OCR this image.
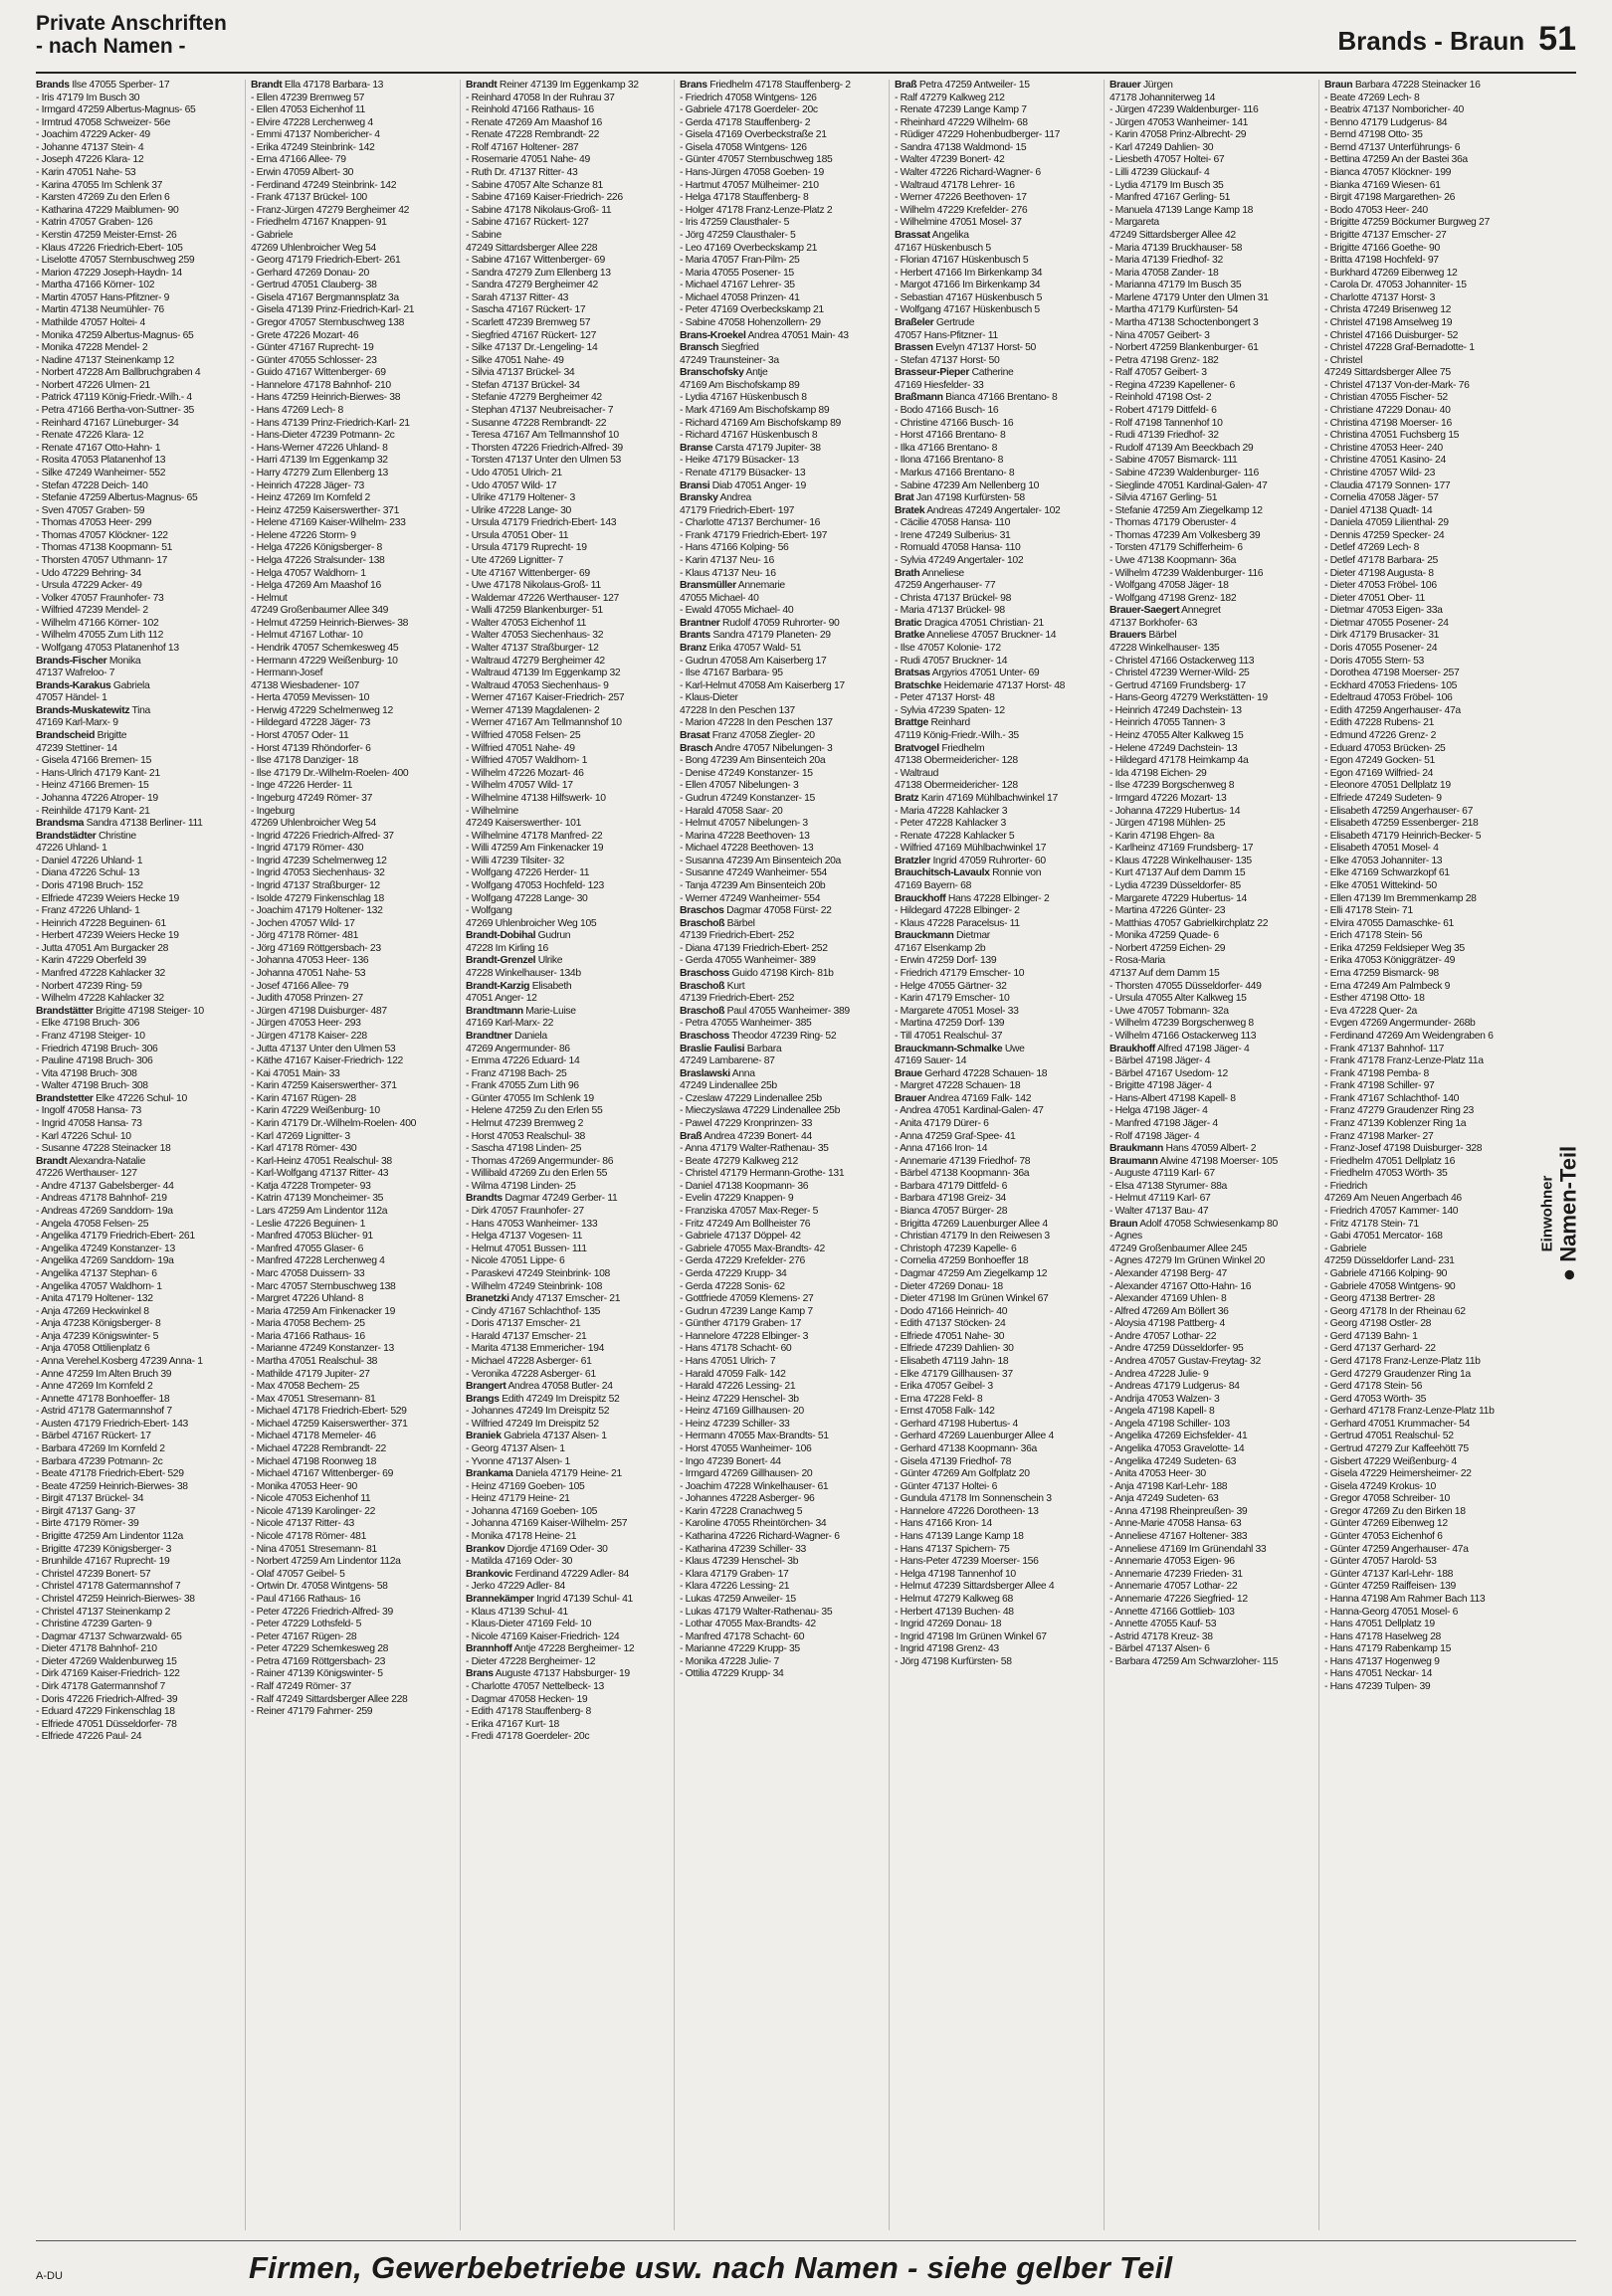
Private Anschriften
- nach Namen -	Brands - Braun 51
Brands Ilse 47055 Sperber- 17
- Iris 47179 Im Busch 30
- Irmgard 47259 Albertus-Magnus- 65
- Irmtrud 47058 Schweizer- 56e
- Joachim 47229 Acker- 49
- Johanne 47137 Stein- 4
- Joseph 47226 Klara- 12
- Karin 47051 Nahe- 53
- Karina 47055 Im Schlenk 37
- Karsten 47269 Zu den Erlen 6
- Katharina 47229 Maiblumen- 90
- Katrin 47057 Graben- 126
- Kerstin 47259 Meister-Ernst- 26
- Klaus 47226 Friedrich-Ebert- 105
- Liselotte 47057 Sternbuschweg 259
- Marion 47229 Joseph-Haydn- 14
- Martha 47166 Körner- 102
- Martin 47057 Hans-Pfitzner- 9
- Martin 47138 Neumühler- 76
- Mathilde 47057 Holtei- 4
- Monika 47259 Albertus-Magnus- 65
- Monika 47228 Mendel- 2
- Nadine 47137 Steinenkamp 12
- Norbert 47228 Am Ballbruchgraben 4
- Norbert 47226 Ulmen- 21
- Patrick 47119 König-Friedr.-Wilh.- 4
- Petra 47166 Bertha-von-Suttner- 35
- Reinhard 47167 Lüneburger- 34
- Renate 47226 Klara- 12
- Renate 47167 Otto-Hahn- 1
- Rosita 47053 Platanenhof 13
- Silke 47249 Wanheimer- 552
- Stefan 47228 Deich- 140
- Stefanie 47259 Albertus-Magnus- 65
- Sven 47057 Graben- 59
- Thomas 47053 Heer- 299
- Thomas 47057 Klöckner- 122
- Thomas 47138 Koopmann- 51
- Thorsten 47057 Uthmann- 17
- Udo 47229 Behring- 34
- Ursula 47229 Acker- 49
- Volker 47057 Fraunhofer- 73
- Wilfried 47239 Mendel- 2
- Wilhelm 47166 Körner- 102
- Wilhelm 47055 Zum Lith 112
- Wolfgang 47053 Platanenhof 13
Brands-Fischer Monika
47137 Wafreloo- 7
Brands-Karakus Gabriela
47057 Händel- 1
Brands-Muskatewitz Tina
47169 Karl-Marx- 9
Brandscheid Brigitte
47239 Stettiner- 14
- Gisela 47166 Bremen- 15
- Hans-Ulrich 47179 Kant- 21
- Heinz 47166 Bremen- 15
- Johanna 47226 Atroper- 19
- Reinhilde 47179 Kant- 21
Brandsma Sandra 47138 Berliner- 111
Brandstädter Christine
47226 Uhland- 1
- Daniel 47226 Uhland- 1
- Diana 47226 Schul- 13
- Doris 47198 Bruch- 152
- Elfriede 47239 Weiers Hecke 19
- Franz 47226 Uhland- 1
- Heinrich 47228 Beguinen- 61
- Herbert 47239 Weiers Hecke 19
- Jutta 47051 Am Burgacker 28
- Karin 47229 Oberfeld 39
- Manfred 47228 Kahlacker 32
- Norbert 47239 Ring- 59
- Wilhelm 47228 Kahlacker 32
Brandstätter Brigitte 47198 Steiger- 10
- Elke 47198 Bruch- 306
- Franz 47198 Steiger- 10
- Friedrich 47198 Bruch- 306
- Pauline 47198 Bruch- 306
- Vita 47198 Bruch- 308
- Walter 47198 Bruch- 308
Brandstetter Elke 47226 Schul- 10
- Ingolf 47058 Hansa- 73
- Ingrid 47058 Hansa- 73
- Karl 47226 Schul- 10
- Susanne 47228 Steinacker 18
Brandt Alexandra-Natalie
47226 Werthauser- 127
- Andre 47137 Gabelsberger- 44
- Andreas 47178 Bahnhof- 219
- Andreas 47269 Sanddorn- 19a
- Angela 47058 Felsen- 25
- Angelika 47179 Friedrich-Ebert- 261
- Angelika 47249 Konstanzer- 13
- Angelika 47269 Sanddorn- 19a
- Angelika 47137 Stephan- 6
- Angelika 47057 Waldhorn- 1
- Anita 47179 Holtener- 132
- Anja 47269 Heckwinkel 8
- Anja 47238 Königsberger- 8
- Anja 47239 Königswinter- 5
- Anja 47058 Ottilienplatz 6
- Anna Verehel.Kosberg 47239 Anna- 1
- Anne 47259 Im Alten Bruch 39
- Anne 47269 Im Kornfeld 2
- Annette 47178 Bonhoeffer- 18
- Astrid 47178 Gatermannshof 7
- Austen 47179 Friedrich-Ebert- 143
- Bärbel 47167 Rückert- 17
- Barbara 47269 Im Kornfeld 2
- Barbara 47239 Potmann- 2c
- Beate 47178 Friedrich-Ebert- 529
- Beate 47259 Heinrich-Bierwes- 38
- Birgit 47137 Brückel- 34
- Birgit 47137 Gang- 37
- Birte 47179 Römer- 39
- Brigitte 47259 Am Lindentor 112a
- Brigitte 47239 Königsberger- 3
- Brunhilde 47167 Ruprecht- 19
- Christel 47239 Bonert- 57
- Christel 47178 Gatermannshof 7
- Christel 47259 Heinrich-Bierwes- 38
- Christel 47137 Steinenkamp 2
- Christine 47239 Garten- 9
- Dagmar 47137 Schwarzwald- 65
- Dieter 47178 Bahnhof- 210
- Dieter 47269 Waldenburweg 15
- Dirk 47169 Kaiser-Friedrich- 122
- Dirk 47178 Gatermannshof 7
- Doris 47226 Friedrich-Alfred- 39
- Eduard 47229 Finkenschlag 18
- Elfriede 47051 Düsseldorfer- 78
- Elfriede 47226 Paul- 24
Brandt Ella 47178 Barbara- 13
- Ellen 47239 Bremweg 57
- Ellen 47053 Eichenhof 11
- Elvire 47228 Lerchenweg 4
- Emmi 47137 Nombericher- 4
- Erika 47249 Steinbrink- 142
- Erna 47166 Allee- 79
- Erwin 47059 Albert- 30
- Ferdinand 47249 Steinbrink- 142
- Frank 47137 Brückel- 100
- Franz-Jürgen 47279 Bergheimer 42
- Friedhelm 47167 Knappen- 91
- Gabriele
47269 Uhlenbroicher Weg 54
- Georg 47179 Friedrich-Ebert- 261
- Gerhard 47269 Donau- 20
- Gertrud 47051 Clauberg- 38
- Gisela 47167 Bergmannsplatz 3a
- Gisela 47139 Prinz-Friedrich-Karl- 21
- Gregor 47057 Sternbuschweg 138
- Grete 47226 Mozart- 46
- Günter 47167 Ruprecht- 19
- Günter 47055 Schlosser- 23
- Guido 47167 Wittenberger- 69
- Hannelore 47178 Bahnhof- 210
- Hans 47259 Heinrich-Bierwes- 38
- Hans 47269 Lech- 8
- Hans 47139 Prinz-Friedrich-Karl- 21
- Hans-Dieter 47239 Potmann- 2c
- Hans-Werner 47226 Uhland- 8
- Harri 47139 Im Eggenkamp 32
- Harry 47279 Zum Ellenberg 13
- Heinrich 47228 Jäger- 73
- Heinz 47269 Im Kornfeld 2
- Heinz 47259 Kaiserswerther- 371
- Helene 47169 Kaiser-Wilhelm- 233
- Helene 47226 Storm- 9
- Helga 47226 Königsberger- 8
- Helga 47226 Stralsunder- 138
- Helga 47057 Waldhorn- 1
- Helga 47269 Am Maashof 16
- Helmut
47249 Großenbaumer Allee 349
- Helmut 47259 Heinrich-Bierwes- 38
- Helmut 47167 Lothar- 10
- Hendrik 47057 Schemkesweg 45
- Hermann 47229 Weißenburg- 10
- Hermann-Josef
47138 Wiesbadener- 107
- Herta 47059 Mevissen- 10
- Herwig 47229 Schelmenweg 12
- Hildegard 47228 Jäger- 73
- Horst 47057 Oder- 11
- Horst 47139 Rhöndorfer- 6
- Ilse 47178 Danziger- 18
- Ilse 47179 Dr.-Wilhelm-Roelen- 400
- Inge 47226 Herder- 11
- Ingeburg 47249 Römer- 37
- Ingeburg
47269 Uhlenbroicher Weg 54
- Ingrid 47226 Friedrich-Alfred- 37
- Ingrid 47179 Römer- 430
- Ingrid 47239 Schelmenweg 12
- Ingrid 47053 Siechenhaus- 32
- Ingrid 47137 Straßburger- 12
- Isolde 47279 Finkenschlag 18
- Joachim 47179 Holtener- 132
- Jochen 47057 Wild- 17
- Jörg 47178 Römer- 481
- Jörg 47169 Röttgersbach- 23
- Johanna 47053 Heer- 136
- Johanna 47051 Nahe- 53
- Josef 47166 Allee- 79
- Judith 47058 Prinzen- 27
- Jürgen 47198 Duisburger- 487
- Jürgen 47053 Heer- 293
- Jürgen 47178 Kaiser- 228
- Jutta 47137 Unter den Ulmen 53
- Käthe 47167 Kaiser-Friedrich- 122
- Kai 47051 Main- 33
- Karin 47259 Kaiserswerther- 371
- Karin 47167 Rügen- 28
- Karin 47229 Weißenburg- 10
- Karin 47179 Dr.-Wilhelm-Roelen- 400
- Karl 47269 Lignitter- 3
- Karl 47178 Römer- 430
- Karl-Heinz 47051 Realschul- 38
- Karl-Wolfgang 47137 Ritter- 43
- Katja 47228 Trompeter- 93
- Katrin 47139 Moncheimer- 35
- Lars 47259 Am Lindentor 112a
- Leslie 47226 Beguinen- 1
- Manfred 47053 Blücher- 91
- Manfred 47055 Glaser- 6
- Manfred 47228 Lerchenweg 4
- Marc 47058 Duissern- 33
- Marc 47057 Sternbuschweg 138
- Margret 47226 Uhland- 8
- Maria 47259 Am Finkenacker 19
- Maria 47058 Bechem- 25
- Maria 47166 Rathaus- 16
- Marianne 47249 Konstanzer- 13
- Martha 47051 Realschul- 38
- Mathilde 47179 Jupiter- 27
- Max 47058 Bechem- 25
- Max 47051 Stresemann- 81
- Michael 47178 Friedrich-Ebert- 529
- Michael 47259 Kaiserswerther- 371
- Michael 47178 Memeler- 46
- Michael 47228 Rembrandt- 22
- Michael 47198 Roonweg 18
- Michael 47167 Wittenberger- 69
- Monika 47053 Heer- 90
- Nicole 47053 Eichenhof 11
- Nicole 47139 Karolinger- 22
- Nicole 47137 Ritter- 43
- Nicole 47178 Römer- 481
- Nina 47051 Stresemann- 81
- Norbert 47259 Am Lindentor 112a
- Olaf 47057 Geibel- 5
- Ortwin Dr. 47058 Wintgens- 58
- Paul 47166 Rathaus- 16
- Peter 47226 Friedrich-Alfred- 39
- Peter 47229 Lothsfeld- 5
- Peter 47167 Rügen- 28
- Peter 47229 Schemkesweg 28
- Petra 47169 Röttgersbach- 23
- Rainer 47139 Königswinter- 5
- Ralf 47249 Römer- 37
- Ralf 47249 Sittardsberger Allee 228
- Reiner 47179 Fahrner- 259
Brandt Reiner 47139 Im Eggenkamp 32
- Reinhard 47058 In der Ruhrau 37
- Reinhold 47166 Rathaus- 16
- Renate 47269 Am Maashof 16
- Renate 47228 Rembrandt- 22
- Rolf 47167 Holtener- 287
- Rosemarie 47051 Nahe- 49
- Ruth Dr. 47137 Ritter- 43
- Sabine 47057 Alte Schanze 81
- Sabine 47169 Kaiser-Friedrich- 226
- Sabine 47178 Nikolaus-Groß- 11
- Sabine 47167 Rückert- 127
- Sabine
47249 Sittardsberger Allee 228
- Sabine 47167 Wittenberger- 69
- Sandra 47279 Zum Ellenberg 13
- Sandra 47279 Bergheimer 42
- Sarah 47137 Ritter- 43
- Sascha 47167 Rückert- 17
- Scarlett 47239 Bremweg 57
- Siegfried 47167 Rückert- 127
- Silke 47137 Dr.-Lengeling- 14
- Silke 47051 Nahe- 49
- Silvia 47137 Brückel- 34
- Stefan 47137 Brückel- 34
- Stefanie 47279 Bergheimer 42
- Stephan 47137 Neubreisacher- 7
- Susanne 47228 Rembrandt- 22
- Teresa 47167 Am Tellmannshof 10
- Thorsten 47226 Friedrich-Alfred- 39
- Torsten 47137 Unter den Ulmen 53
- Udo 47051 Ulrich- 21
- Udo 47057 Wild- 17
- Ulrike 47179 Holtener- 3
- Ulrike 47228 Lange- 30
- Ursula 47179 Friedrich-Ebert- 143
- Ursula 47051 Ober- 11
- Ursula 47179 Ruprecht- 19
- Ute 47269 Lignitter- 7
- Ute 47167 Wittenberger- 69
- Uwe 47178 Nikolaus-Groß- 11
- Waldemar 47226 Werthauser- 127
- Walli 47259 Blankenburger- 51
- Walter 47053 Eichenhof 11
- Walter 47053 Siechenhaus- 32
- Walter 47137 Straßburger- 12
- Waltraud 47279 Bergheimer 42
- Waltraud 47139 Im Eggenkamp 32
- Waltraud 47053 Siechenhaus- 9
- Werner 47167 Kaiser-Friedrich- 257
- Werner 47139 Magdalenen- 2
- Werner 47167 Am Tellmannshof 10
- Wilfried 47058 Felsen- 25
- Wilfried 47051 Nahe- 49
- Wilfried 47057 Waldhorn- 1
- Wilhelm 47226 Mozart- 46
- Wilhelm 47057 Wild- 17
- Wilhelmine 47138 Hilfswerk- 10
- Wilhelmine
47249 Kaiserswerther- 101
- Wilhelmine 47178 Manfred- 22
- Willi 47259 Am Finkenacker 19
- Willi 47239 Tilsiter- 32
- Wolfgang 47226 Herder- 11
- Wolfgang 47053 Hochfeld- 123
- Wolfgang 47228 Lange- 30
- Wolfgang
47269 Uhlenbroicher Weg 105
Brandt-Dobihal Gudrun
47228 Im Kirling 16
Brandt-Grenzel Ulrike
47228 Winkelhauser- 134b
Brandt-Karzig Elisabeth
47051 Anger- 12
Brandtmann Marie-Luise
47169 Karl-Marx- 22
Brandtner Daniela
47269 Angermunder- 86
- Emma 47226 Eduard- 14
- Franz 47198 Bach- 25
- Frank 47055 Zum Lith 96
- Günter 47055 Im Schlenk 19
- Helene 47259 Zu den Erlen 55
- Helmut 47239 Bremweg 2
- Horst 47053 Realschul- 38
- Sascha 47198 Linden- 25
- Thomas 47269 Angermunder- 86
- Willibald 47269 Zu den Erlen 55
- Wilma 47198 Linden- 25
Brandts Dagmar 47249 Gerber- 11
- Dirk 47057 Fraunhofer- 27
- Hans 47053 Wanheimer- 133
- Helga 47137 Vogesen- 11
- Helmut 47051 Bussen- 111
- Nicole 47051 Lippe- 6
- Paraskevi 47249 Steinbrink- 108
- Wilhelm 47249 Steinbrink- 108
Branetzki Andy 47137 Emscher- 21
- Cindy 47167 Schlachthof- 135
- Doris 47137 Emscher- 21
- Harald 47137 Emscher- 21
- Marita 47138 Emmericher- 194
- Michael 47228 Asberger- 61
- Veronika 47228 Asberger- 61
Brangert Andrea 47058 Butler- 24
Brangs Edith 47249 Im Dreispitz 52
- Johannes 47249 Im Dreispitz 52
- Wilfried 47249 Im Dreispitz 52
Braniek Gabriela 47137 Alsen- 1
- Georg 47137 Alsen- 1
- Yvonne 47137 Alsen- 1
Brankama Daniela 47179 Heine- 21
- Heinz 47169 Goeben- 105
- Heinz 47179 Heine- 21
- Johanna 47169 Goeben- 105
- Johanna 47169 Kaiser-Wilhelm- 257
- Monika 47178 Heine- 21
Brankov Djordje 47169 Oder- 30
- Matilda 47169 Oder- 30
Brankovic Ferdinand 47229 Adler- 84
- Jerko 47229 Adler- 84
Brannekämper Ingrid 47139 Schul- 41
- Klaus 47139 Schul- 41
- Klaus-Dieter 47169 Feld- 10
- Nicole 47169 Kaiser-Friedrich- 124
Brannhoff Antje 47228 Bergheimer- 12
- Dieter 47228 Bergheimer- 12
Brans Auguste 47137 Habsburger- 19
- Charlotte 47057 Nettelbeck- 13
- Dagmar 47058 Hecken- 19
- Edith 47178 Stauffenberg- 8
- Erika 47167 Kurt- 18
- Fredi 47178 Goerdeler- 20c
Brans Friedhelm 47178 Stauffenberg- 2
- Friedrich 47058 Wintgens- 126
- Gabriele 47178 Goerdeler- 20c
- Gerda 47178 Stauffenberg- 2
- Gisela 47169 Overbeckstraße 21
- Gisela 47058 Wintgens- 126
- Günter 47057 Sternbuschweg 185
- Hans-Jürgen 47058 Goeben- 19
- Hartmut 47057 Mülheimer- 210
- Helga 47178 Stauffenberg- 8
- Holger 47178 Franz-Lenze-Platz 2
- Iris 47259 Clausthaler- 5
- Jörg 47259 Clausthaler- 5
- Leo 47169 Overbeckskamp 21
- Maria 47057 Fran-Pilm- 25
- Maria 47055 Posener- 15
- Michael 47167 Lehrer- 35
- Michael 47058 Prinzen- 41
- Peter 47169 Overbeckskamp 21
- Sabine 47058 Hohenzollern- 29
Brans-Kroekel Andrea 47051 Main- 43
Bransch Siegfried
47249 Traunsteiner- 3a
Branschofsky Antje
47169 Am Bischofskamp 89
- Lydia 47167 Hüskenbusch 8
- Mark 47169 Am Bischofskamp 89
- Richard 47169 Am Bischofskamp 89
- Richard 47167 Hüskenbusch 8
Branse Carsta 47179 Jupiter- 38
- Heike 47179 Büsacker- 13
- Renate 47179 Büsacker- 13
Bransi Diab 47051 Anger- 19
Bransky Andrea
47179 Friedrich-Ebert- 197
- Charlotte 47137 Berchumer- 16
- Frank 47179 Friedrich-Ebert- 197
- Hans 47166 Kolping- 56
- Karin 47137 Neu- 16
- Klaus 47137 Neu- 16
Bransmüller Annemarie
47055 Michael- 40
- Ewald 47055 Michael- 40
Brantner Rudolf 47059 Ruhrorter- 90
Brants Sandra 47179 Planeten- 29
Branz Erika 47057 Wald- 51
- Gudrun 47058 Am Kaiserberg 17
- Ilse 47167 Barbara- 95
- Karl-Helmut 47058 Am Kaiserberg 17
- Klaus-Dieter
47228 In den Peschen 137
- Marion 47228 In den Peschen 137
Brasat Franz 47058 Ziegler- 20
Brasch Andre 47057 Nibelungen- 3
- Bong 47239 Am Binsenteich 20a
- Denise 47249 Konstanzer- 15
- Ellen 47057 Nibelungen- 3
- Gudrun 47249 Konstanzer- 15
- Harald 47058 Saar- 20
- Helmut 47057 Nibelungen- 3
- Marina 47228 Beethoven- 13
- Michael 47228 Beethoven- 13
- Susanna 47239 Am Binsenteich 20a
- Susanne 47249 Wanheimer- 554
- Tanja 47239 Am Binsenteich 20b
- Werner 47249 Wanheimer- 554
Braschos Dagmar 47058 Fürst- 22
Braschoß Bärbel
47139 Friedrich-Ebert- 252
- Diana 47139 Friedrich-Ebert- 252
- Gerda 47055 Wanheimer- 389
Braschoss Guido 47198 Kirch- 81b
Braschoß Kurt
47139 Friedrich-Ebert- 252
Braschoß Paul 47055 Wanheimer- 389
- Petra 47055 Wanheimer- 385
Braschoss Theodor 47239 Ring- 52
Braslie Faulisi Barbara
47249 Lambarene- 87
Braslawski Anna
47249 Lindenallee 25b
- Czeslaw 47229 Lindenallee 25b
- Mieczyslawa 47229 Lindenallee 25b
- Pawel 47229 Kronprinzen- 33
Braß Andrea 47239 Bonert- 44
- Anna 47179 Walter-Rathenau- 35
- Beate 47279 Kalkweg 212
- Christel 47179 Hermann-Grothe- 131
- Daniel 47138 Koopmann- 36
- Evelin 47229 Knappen- 9
- Franziska 47057 Max-Reger- 5
- Fritz 47249 Am Bollheister 76
- Gabriele 47137 Döppel- 42
- Gabriele 47055 Max-Brandts- 42
- Gerda 47229 Krefelder- 276
- Gerda 47229 Krupp- 34
- Gerda 47228 Sonis- 62
- Gottfriede 47059 Klemens- 27
- Gudrun 47239 Lange Kamp 7
- Günther 47179 Graben- 17
- Hannelore 47228 Elbinger- 3
- Hans 47178 Schacht- 60
- Hans 47051 Ulrich- 7
- Harald 47059 Falk- 142
- Harald 47226 Lessing- 21
- Heinz 47229 Henschel- 3b
- Heinz 47169 Gillhausen- 20
- Heinz 47239 Schiller- 33
- Hermann 47055 Max-Brandts- 51
- Horst 47055 Wanheimer- 106
- Ingo 47239 Bonert- 44
- Irmgard 47269 Gillhausen- 20
- Joachim 47228 Winkelhauser- 61
- Johannes 47228 Asberger- 96
- Karin 47228 Cranachweg 5
- Karoline 47055 Rheintörchen- 34
- Katharina 47226 Richard-Wagner- 6
- Katharina 47239 Schiller- 33
- Klaus 47239 Henschel- 3b
- Klara 47179 Graben- 17
- Klara 47226 Lessing- 21
- Lukas 47259 Anweiler- 15
- Lukas 47179 Walter-Rathenau- 35
- Lothar 47055 Max-Brandts- 42
- Manfred 47178 Schacht- 60
- Marianne 47229 Krupp- 35
- Monika 47228 Julie- 7
- Ottilia 47229 Krupp- 34
Braß Petra 47259 Antweiler- 15
- Ralf 47279 Kalkweg 212
- Renate 47239 Lange Kamp 7
- Rheinhard 47229 Wilhelm- 68
- Rüdiger 47229 Hohenbudberger- 117
- Sandra 47138 Waldmond- 15
- Walter 47239 Bonert- 42
- Walter 47226 Richard-Wagner- 6
- Waltraud 47178 Lehrer- 16
- Werner 47226 Beethoven- 17
- Wilhelm 47229 Krefelder- 276
- Wilhelmine 47051 Mosel- 37
Brassat Angelika
47167 Hüskenbusch 5
- Florian 47167 Hüskenbusch 5
- Herbert 47166 Im Birkenkamp 34
- Margot 47166 Im Birkenkamp 34
- Sebastian 47167 Hüskenbusch 5
- Wolfgang 47167 Hüskenbusch 5
Braßeler Gertrude
47057 Hans-Pfitzner- 11
Brassen Evelyn 47137 Horst- 50
- Stefan 47137 Horst- 50
Brasseur-Pieper Catherine
47169 Hiesfelder- 33
Braßmann Bianca 47166 Brentano- 8
- Bodo 47166 Busch- 16
- Christine 47166 Busch- 16
- Horst 47166 Brentano- 8
- Ilka 47166 Brentano- 8
- Ilona 47166 Brentano- 8
- Markus 47166 Brentano- 8
- Sabine 47239 Am Nellenberg 10
Brat Jan 47198 Kurfürsten- 58
Bratek Andreas 47249 Angertaler- 102
- Cäcilie 47058 Hansa- 110
- Irene 47249 Sulberius- 31
- Romuald 47058 Hansa- 110
- Sylvia 47249 Angertaler- 102
Brath Anneliese
47259 Angerhauser- 77
- Christa 47137 Brückel- 98
- Maria 47137 Brückel- 98
Bratic Dragica 47051 Christian- 21
Bratke Anneliese 47057 Bruckner- 14
- Ilse 47057 Koloniе- 172
- Rudi 47057 Bruckner- 14
Bratsas Argyrios 47051 Unter- 69
Bratschke Heidemarie 47137 Horst- 48
- Peter 47137 Horst- 48
- Sylvia 47239 Spaten- 12
Brattge Reinhard
47119 König-Friedr.-Wilh.- 35
Bratvogel Friedhelm
47138 Obermeidericher- 128
- Waltraud
47138 Obermeidericher- 128
Bratz Karin 47169 Mühlbachwinkel 17
- Maria 47228 Kahlacker 3
- Peter 47228 Kahlacker 3
- Renate 47228 Kahlacker 5
- Wilfried 47169 Mühlbachwinkel 17
Bratzler Ingrid 47059 Ruhrorter- 60
Brauchitsch-Lavaulx Ronnie von
47169 Bayern- 68
Brauckhoff Hans 47228 Elbinger- 2
- Hildegard 47228 Elbinger- 2
- Klaus 47228 Paracelsus- 11
Brauckmann Dietmar
47167 Elsenkamp 2b
- Erwin 47259 Dorf- 139
- Friedrich 47179 Emscher- 10
- Helge 47055 Gärtner- 32
- Karin 47179 Emscher- 10
- Margarete 47051 Mosel- 33
- Martina 47259 Dorf- 139
- Till 47051 Realschul- 37
Brauckmann-Schmalke Uwe
47169 Sauer- 14
Braue Gerhard 47228 Schauen- 18
- Margret 47228 Schauen- 18
Brauer Andrea 47169 Falk- 142
- Andrea 47051 Kardinal-Galen- 47
- Anita 47179 Dürer- 6
- Anna 47259 Graf-Spee- 41
- Anna 47166 Iron- 14
- Annemarie 47139 Friedhof- 78
- Bärbel 47138 Koopmann- 36a
- Barbara 47179 Dittfeld- 6
- Barbara 47198 Greiz- 34
- Bianca 47057 Bürger- 28
- Brigitta 47269 Lauenburger Allee 4
- Christian 47179 In den Reiwesen 3
- Christoph 47239 Kapelle- 6
- Cornelia 47259 Bonhoeffer 18
- Dagmar 47259 Am Ziegelkamp 12
- Dieter 47269 Donau- 18
- Dieter 47198 Im Grünen Winkel 67
- Dodo 47166 Heinrich- 40
- Edith 47137 Stöcken- 24
- Elfriede 47051 Nahe- 30
- Elfriede 47239 Dahlien- 30
- Elisabeth 47119 Jahn- 18
- Elke 47179 Gillhausen- 37
- Erika 47057 Geibel- 3
- Erna 47228 Feld- 8
- Ernst 47058 Falk- 142
- Gerhard 47198 Hubertus- 4
- Gerhard 47269 Lauenburger Allee 4
- Gerhard 47138 Koopmann- 36a
- Gisela 47139 Friedhof- 78
- Günter 47269 Am Golfplatz 20
- Günter 47137 Holtei- 6
- Gundula 47178 Im Sonnenschein 3
- Hannelore 47226 Dorotheen- 13
- Hans 47166 Kron- 14
- Hans 47139 Lange Kamp 18
- Hans 47137 Spichern- 75
- Hans-Peter 47239 Moerser- 156
- Helga 47198 Tannenhof 10
- Helmut 47239 Sittardsberger Allee 4
- Helmut 47279 Kalkweg 68
- Herbert 47139 Buchen- 48
- Ingrid 47269 Donau- 18
- Ingrid 47198 Im Grünen Winkel 67
- Ingrid 47198 Grenz- 43
- Jörg 47198 Kurfürsten- 58
Brauer Jürgen
47178 Johanniterweg 14
- Jürgen 47239 Waldenburger- 116
- Jürgen 47053 Wanheimer- 141
- Karin 47058 Prinz-Albrecht- 29
- Karl 47249 Dahlien- 30
- Liesbeth 47057 Holtei- 67
- Lilli 47239 Glückauf- 4
- Lydia 47179 Im Busch 35
- Manfred 47167 Gerling- 51
- Manuela 47139 Lange Kamp 18
- Margareta
47249 Sittardsberger Allee 42
- Maria 47139 Bruckhauser- 58
- Maria 47139 Friedhof- 32
- Maria 47058 Zander- 18
- Marianna 47179 Im Busch 35
- Marlene 47179 Unter den Ulmen 31
- Martha 47179 Kurfürsten- 54
- Martha 47138 Schoctenbongert 3
- Nina 47057 Geibert- 3
- Norbert 47259 Blankenburger- 61
- Petra 47198 Grenz- 182
- Ralf 47057 Geibert- 3
- Regina 47239 Kapellener- 6
- Reinhold 47198 Ost- 2
- Robert 47179 Dittfeld- 6
- Rolf 47198 Tannenhof 10
- Rudi 47139 Friedhof- 32
- Rudolf 47139 Am Beeckbach 29
- Sabine 47057 Bismarck- 111
- Sabine 47239 Waldenburger- 116
- Sieglinde 47051 Kardinal-Galen- 47
- Silvia 47167 Gerling- 51
- Stefanie 47259 Am Ziegelkamp 12
- Thomas 47179 Oberuster- 4
- Thomas 47239 Am Volkesberg 39
- Torsten 47179 Schifferheim- 6
- Uwe 47138 Koopmann- 36a
- Wilhelm 47239 Waldenburger- 116
- Wolfgang 47058 Jäger- 18
- Wolfgang 47198 Grenz- 182
Brauer-Saegert Annegret
47137 Borkhofer- 63
Brauers Bärbel
47228 Winkelhauser- 135
- Christel 47166 Ostackerweg 113
- Christel 47239 Werner-Wild- 25
- Gertrud 47169 Frundsberg- 17
- Hans-Georg 47279 Werkstätten- 19
- Heinrich 47249 Dachstein- 13
- Heinrich 47055 Tannen- 3
- Heinz 47055 Alter Kalkweg 15
- Helene 47249 Dachstein- 13
- Hildegard 47178 Heimkamp 4a
- Ida 47198 Eichen- 29
- Ilse 47239 Borgschenweg 8
- Irmgard 47226 Mozart- 13
- Johanna 47229 Hubertus- 14
- Jürgen 47198 Mühlen- 25
- Karin 47198 Ehgen- 8a
- Karlheinz 47169 Frundsberg- 17
- Klaus 47228 Winkelhauser- 135
- Kurt 47137 Auf dem Damm 15
- Lydia 47239 Düsseldorfer- 85
- Margarete 47229 Hubertus- 14
- Martina 47226 Günter- 23
- Matthias 47057 Gabrielkirchplatz 22
- Monika 47259 Quade- 6
- Norbert 47259 Eichen- 29
- Rosa-Maria
47137 Auf dem Damm 15
- Thorsten 47055 Düsseldorfer- 449
- Ursula 47055 Alter Kalkweg 15
- Uwe 47057 Tobmann- 32a
- Wilhelm 47239 Borgschenweg 8
- Wilhelm 47166 Ostackerweg 113
Braukhoff Alfred 47198 Jäger- 4
- Bärbel 47198 Jäger- 4
- Bärbel 47167 Usedom- 12
- Brigitte 47198 Jäger- 4
- Hans-Albert 47198 Kapell- 8
- Helga 47198 Jäger- 4
- Manfred 47198 Jäger- 4
- Rolf 47198 Jäger- 4
Braukmann Hans 47059 Albert- 2
Braumann Alwine 47198 Moerser- 105
- Auguste 47119 Karl- 67
- Elsa 47138 Styrumer- 88a
- Helmut 47119 Karl- 67
- Walter 47137 Bau- 47
Braun Adolf 47058 Schwiesenkamp 80
- Agnes
47249 Großenbaumer Allee 245
- Agnes 47279 Im Grünen Winkel 20
- Alexander 47198 Berg- 47
- Alexander 47167 Otto-Hahn- 16
- Alexander 47169 Uhlen- 8
- Alfred 47269 Am Böllert 36
- Aloysia 47198 Pattberg- 4
- Andre 47057 Lothar- 22
- Andre 47259 Düsseldorfer- 95
- Andrea 47057 Gustav-Freytag- 32
- Andrea 47228 Julie- 9
- Andreas 47179 Ludgerus- 84
- Andrija 47053 Walzen- 3
- Angela 47198 Kapell- 8
- Angela 47198 Schiller- 103
- Angelika 47269 Eichsfelder- 41
- Angelika 47053 Gravelotte- 14
- Angelika 47249 Sudeten- 63
- Anita 47053 Heer- 30
- Anja 47198 Karl-Lehr- 188
- Anja 47249 Sudeten- 63
- Anna 47198 Rheinpreußen- 39
- Anne-Marie 47058 Hansa- 63
- Anneliese 47167 Holtener- 383
- Anneliese 47169 Im Grünendahl 33
- Annemarie 47053 Eigen- 96
- Annemarie 47239 Frieden- 31
- Annemarie 47057 Lothar- 22
- Annemarie 47226 Siegfried- 12
- Annette 47166 Gottlieb- 103
- Annette 47055 Kauf- 53
- Astrid 47178 Kreuz- 38
- Bärbel 47137 Alsen- 6
- Barbara 47259 Am Schwarzloher- 115
Braun Barbara 47228 Steinacker 16
- Beate 47269 Lech- 8
- Beatrix 47137 Nomboricher- 40
- Benno 47179 Ludgerus- 84
- Bernd 47198 Otto- 35
- Bernd 47137 Unterführungs- 6
- Bettina 47259 An der Bastei 36a
- Bianca 47057 Klöckner- 199
- Bianka 47169 Wiesen- 61
- Birgit 47198 Margarethen- 26
- Bodo 47053 Heer- 240
- Brigitte 47259 Böckumer Burgweg 27
- Brigitte 47137 Emscher- 27
- Brigitte 47166 Goethe- 90
- Britta 47198 Hochfeld- 97
- Burkhard 47269 Eibenweg 12
- Carola Dr. 47053 Johanniter- 15
- Charlotte 47137 Horst- 3
- Christa 47249 Brisenweg 12
- Christel 47198 Amselweg 19
- Christel 47166 Duisburger- 52
- Christel 47228 Graf-Bernadotte- 1
- Christel
47249 Sittardsberger Allee 75
- Christel 47137 Von-der-Mark- 76
- Christian 47055 Fischer- 52
- Christiane 47229 Donau- 40
- Christina 47198 Moerser- 16
- Christina 47051 Fuchsberg 15
- Christine 47053 Heer- 240
- Christine 47051 Kasino- 24
- Christine 47057 Wild- 23
- Claudia 47179 Sonnen- 177
- Cornelia 47058 Jäger- 57
- Daniel 47138 Quadt- 14
- Daniela 47059 Lilienthal- 29
- Dennis 47259 Specker- 24
- Detlef 47269 Lech- 8
- Detlef 47178 Barbara- 25
- Dieter 47198 Augusta- 8
- Dieter 47053 Fröbel- 106
- Dieter 47051 Ober- 11
- Dietmar 47053 Eigen- 33a
- Dietmar 47055 Posener- 24
- Dirk 47179 Brusacker- 31
- Doris 47055 Posener- 24
- Doris 47055 Stern- 53
- Dorothea 47198 Moerser- 257
- Eckhard 47053 Friedens- 105
- Edeltraud 47053 Fröbel- 106
- Edith 47259 Angerhauser- 47a
- Edith 47228 Rubens- 21
- Edmund 47226 Grenz- 2
- Eduard 47053 Brücken- 25
- Egon 47249 Gocken- 51
- Egon 47169 Wilfried- 24
- Eleonore 47051 Dellplatz 19
- Elfriede 47249 Sudeten- 9
- Elisabeth 47259 Angerhauser- 67
- Elisabeth 47259 Essenberger- 218
- Elisabeth 47179 Heinrich-Becker- 5
- Elisabeth 47051 Mosel- 4
- Elke 47053 Johanniter- 13
- Elke 47169 Schwarzkopf 61
- Elke 47051 Wittekind- 50
- Ellen 47139 Im Bremmenkamp 28
- Elli 47178 Stein- 71
- Elvira 47055 Damaschke- 61
- Erich 47178 Stein- 56
- Erika 47259 Feldsieper Weg 35
- Erika 47053 Königgrätzer- 49
- Erna 47259 Bismarck- 98
- Erna 47249 Am Palmbeck 9
- Esther 47198 Otto- 18
- Eva 47228 Quer- 2a
- Evgen 47269 Angermunder- 268b
- Ferdinand 47269 Am Weidengraben 6
- Frank 47137 Bahnhof- 117
- Frank 47178 Franz-Lenze-Platz 11a
- Frank 47198 Pemba- 8
- Frank 47198 Schiller- 97
- Frank 47167 Schlachthof- 140
- Franz 47279 Graudenzer Ring 23
- Franz 47139 Koblenzer Ring 1a
- Franz 47198 Marker- 27
- Franz-Josef 47198 Duisburger- 328
- Friedhelm 47051 Dellplatz 16
- Friedhelm 47053 Wörth- 35
- Friedrich
47269 Am Neuen Angerbach 46
- Friedrich 47057 Kammer- 140
- Fritz 47178 Stein- 71
- Gabi 47051 Mercator- 168
- Gabriele
47259 Düsseldorfer Land- 231
- Gabriele 47166 Kolping- 90
- Gabriele 47058 Wintgens- 90
- Georg 47138 Bertrer- 28
- Georg 47178 In der Rheinau 62
- Georg 47198 Ostler- 28
- Gerd 47139 Bahn- 1
- Gerd 47137 Gerhard- 22
- Gerd 47178 Franz-Lenze-Platz 11b
- Gerd 47279 Graudenzer Ring 1a
- Gerd 47178 Stein- 56
- Gerd 47053 Wörth- 35
- Gerhard 47178 Franz-Lenze-Platz 11b
- Gerhard 47051 Krummacher- 54
- Gertrud 47051 Realschul- 52
- Gertrud 47279 Zur Kaffeehött 75
- Gisbert 47229 Weißenburg- 4
- Gisela 47229 Heimersheimer- 22
- Gisela 47249 Krokus- 10
- Gregor 47058 Schreiber- 10
- Gregor 47269 Zu den Birken 18
- Günter 47269 Eibenweg 12
- Günter 47053 Eichenhof 6
- Günter 47259 Angerhauser- 47a
- Günter 47057 Harold- 53
- Günter 47137 Karl-Lehr- 188
- Günter 47259 Raiffeisen- 139
- Hanna 47198 Am Rahmer Bach 113
- Hanna-Georg 47051 Mosel- 6
- Hans 47051 Dellplatz 19
- Hans 47178 Haselweg 28
- Hans 47179 Rabenkamp 15
- Hans 47137 Hogenweg 9
- Hans 47051 Neckar- 14
- Hans 47239 Tulpen- 39
Einwohner ● Namen-Teil
A-DU	Firmen, Gewerbebetriebe usw. nach Namen - siehe gelber Teil
